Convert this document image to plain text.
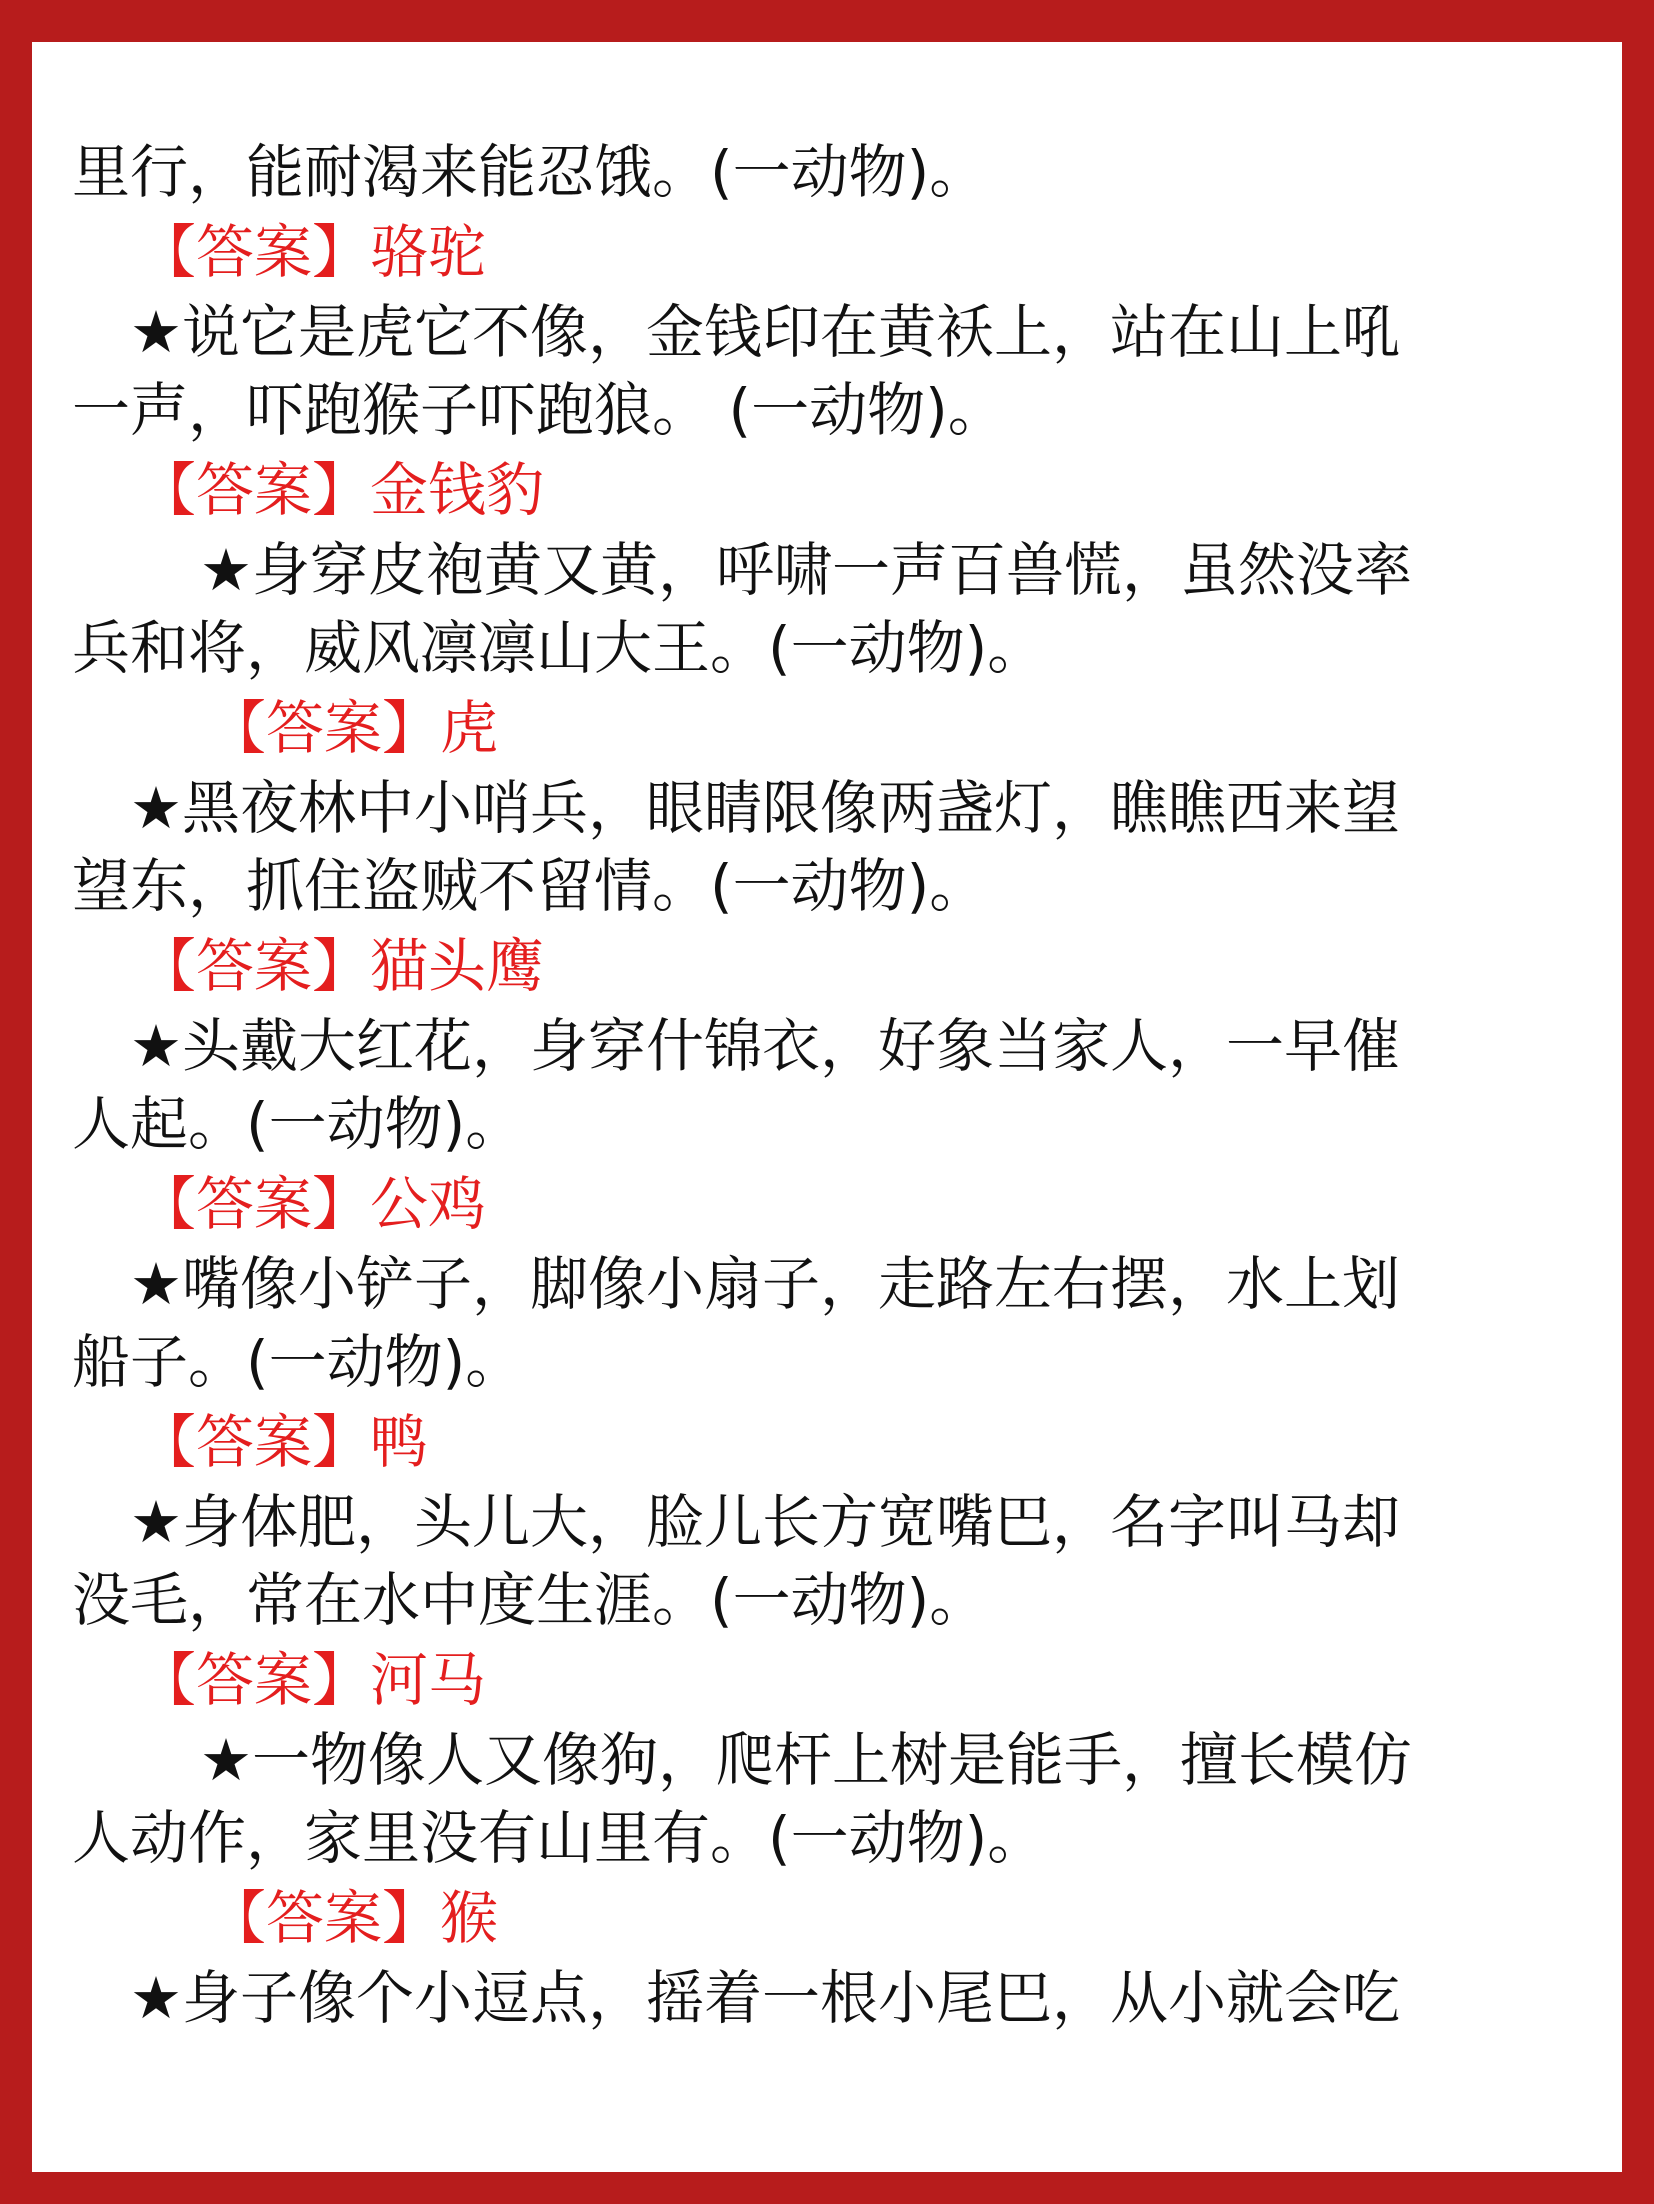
里行，能耐渴来能忍饿。(一动物)。
【答案】骆驼
★说它是虎它不像，金钱印在黄袄上，站在山上吼
一声，吓跑猴子吓跑狼。 (一动物)。
【答案】金钱豹
★身穿皮袍黄又黄，呼啸一声百兽慌，虽然没率
兵和将，威风凛凛山大王。(一动物)。
【答案】虎
★黑夜林中小哨兵，眼睛限像两盏灯，瞧瞧西来望
望东，抓住盗贼不留情。(一动物)。
【答案】猫头鹰
★头戴大红花，身穿什锦衣，好象当家人，一早催
人起。(一动物)。
【答案】公鸡
★嘴像小铲子，脚像小扇子，走路左右摆，水上划
船子。(一动物)。
【答案】鸭
★身体肥，头儿大，脸儿长方宽嘴巴，名字叫马却
没毛，常在水中度生涯。(一动物)。
【答案】河马
★一物像人又像狗，爬杆上树是能手，擅长模仿
人动作，家里没有山里有。(一动物)。
【答案】猴
★身子像个小逗点，摇着一根小尾巴，从小就会吃
